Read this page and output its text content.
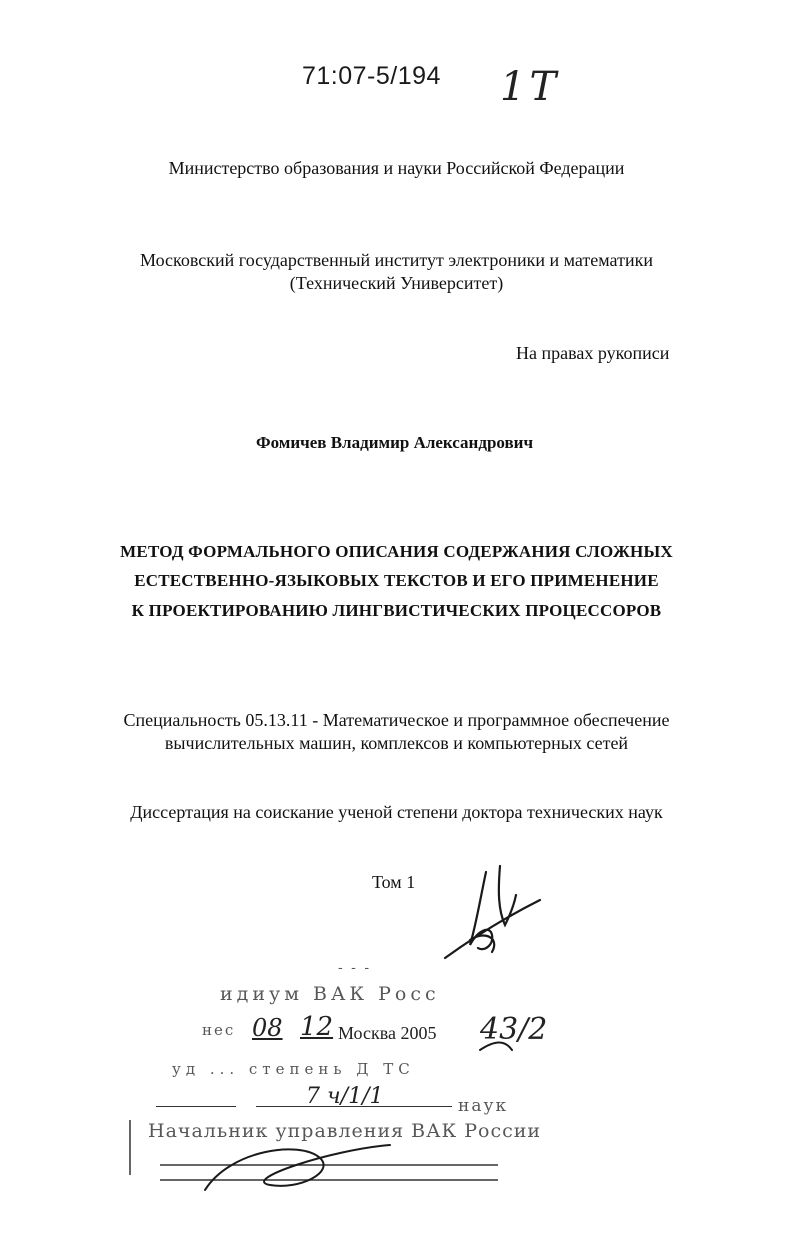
71:07-5/194 1T
Министерство образования и науки Российской Федерации
Московский государственный институт электроники и математики
(Технический Университет)
На правах рукописи
Фомичев Владимир Александрович
МЕТОД ФОРМАЛЬНОГО ОПИСАНИЯ СОДЕРЖАНИЯ СЛОЖНЫХ
ЕСТЕСТВЕННО-ЯЗЫКОВЫХ ТЕКСТОВ И ЕГО ПРИМЕНЕНИЕ
К ПРОЕКТИРОВАНИЮ ЛИНГВИСТИЧЕСКИХ ПРОЦЕССОРОВ
Специальность 05.13.11 - Математическое и программное обеспечение
вычислительных машин, комплексов и компьютерных сетей
Диссертация на соискание ученой степени доктора технических наук
Том 1
- - -
идиум ВАК Росс
нес 08 12 Москва 2005 43/2
уд ... степень Д ТС
7 ч/1/1	наук
Начальник управления ВАК России
